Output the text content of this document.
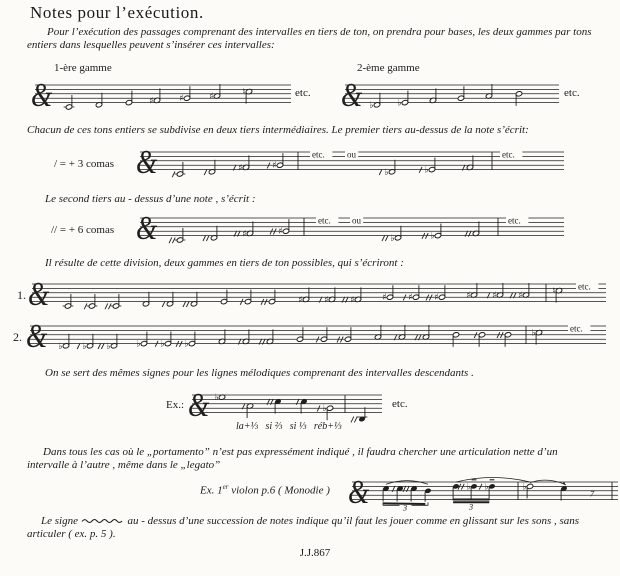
Notes pour l’exécution.
Pour l’exécution des passages comprenant des intervalles en tiers de ton, on prendra pour bases, les deux gammes par tons entiers dans lesquelles peuvent s’insérer ces intervalles:
1-ère gamme	2-ème gamme
etc.	etc.
Chacun de ces tons entiers se subdivise en deux tiers intermédiaires. Le premier tiers au-dessus de la note s’écrit:
/ = + 3 comas
Le second tiers au - dessus d’une note , s’écrit :
// = + 6 comas
Il résulte de cette division, deux gammes en tiers de ton possibles, qui s’écriront :
1.
2.
On se sert des mêmes signes pour les lignes mélodiques comprenant des intervalles descendants .
Ex.:	etc.
la+⅓   si ⅔   si ⅓   réb+⅓
Dans tous les cas où le „portamento” n’est pas expressément indiqué , il faudra chercher une articulation nette d’un intervalle à l’autre , même dans le „legato”
Ex. 1er violon p.6 ( Monodie )
Le signe	au - dessus d’une succession de notes indique qu’il faut les jouer comme en glissant sur les sons , sans articuler ( ex. p. 5 ).
J.J.867
&	♯	♯	♯	♮	& ♭	♭
&	♯	♯
♭	♭
etc. ou	etc.
&	♯	♯
♭	♭
etc. ou	etc.
&	♯ ♯ ♯	♯ ♯ ♯	♯ ♯ ♯	♮ etc.
& ♭ ♭ ♭	♭ ♭ ♭
♭	etc.
& ♭
♭
&	♭ ♭	♭
3	3
7
